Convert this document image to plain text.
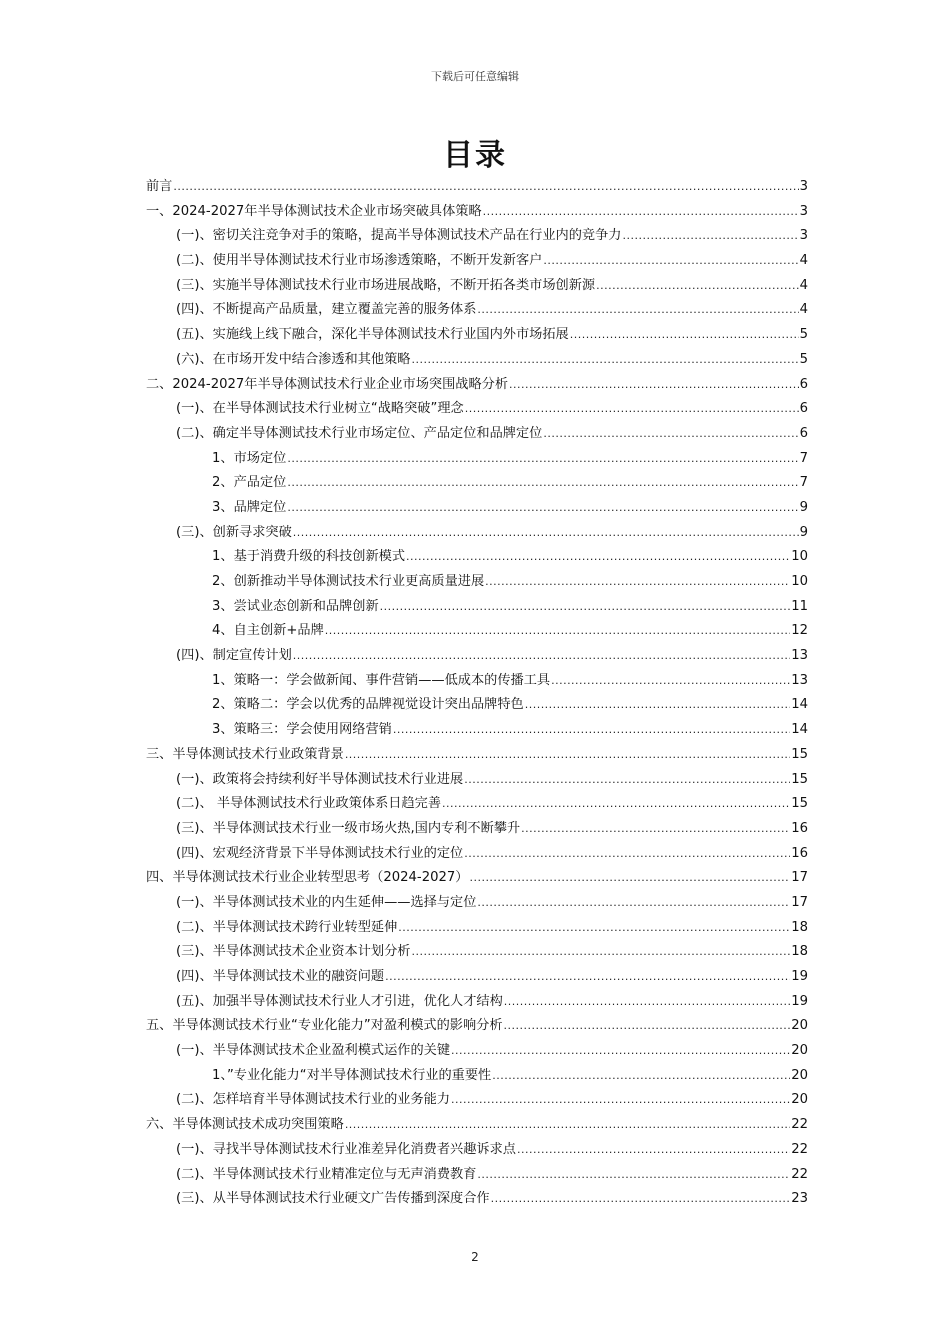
下载后可任意编辑
目录
前言 .....	3
一、2024-2027年半导体测试技术企业市场突破具体策略 .....	3
(一)、密切关注竞争对手的策略，提高半导体测试技术产品在行业内的竞争力 .....	3
(二)、使用半导体测试技术行业市场渗透策略，不断开发新客户 .....	4
(三)、实施半导体测试技术行业市场进展战略，不断开拓各类市场创新源 .....	4
(四)、不断提高产品质量，建立覆盖完善的服务体系 .....	4
(五)、实施线上线下融合，深化半导体测试技术行业国内外市场拓展 .....	5
(六)、在市场开发中结合渗透和其他策略 .....	5
二、2024-2027年半导体测试技术行业企业市场突围战略分析 .....	6
(一)、在半导体测试技术行业树立“战略突破”理念 .....	6
(二)、确定半导体测试技术行业市场定位、产品定位和品牌定位 .....	6
1、市场定位 .....	7
2、产品定位 .....	7
3、品牌定位 .....	9
(三)、创新寻求突破 .....	9
1、基于消费升级的科技创新模式 .....	10
2、创新推动半导体测试技术行业更高质量进展 .....	10
3、尝试业态创新和品牌创新 .....	11
4、自主创新+品牌 .....	12
(四)、制定宣传计划 .....	13
1、策略一：学会做新闻、事件营销——低成本的传播工具 .....	13
2、策略二：学会以优秀的品牌视觉设计突出品牌特色 .....	14
3、策略三：学会使用网络营销 .....	14
三、半导体测试技术行业政策背景 .....	15
(一)、政策将会持续利好半导体测试技术行业进展 .....	15
(二)、 半导体测试技术行业政策体系日趋完善 .....	15
(三)、半导体测试技术行业一级市场火热,国内专利不断攀升 .....	16
(四)、宏观经济背景下半导体测试技术行业的定位 .....	16
四、半导体测试技术行业企业转型思考（2024-2027） .....	17
(一)、半导体测试技术业的内生延伸——选择与定位 .....	17
(二)、半导体测试技术跨行业转型延伸 .....	18
(三)、半导体测试技术企业资本计划分析 .....	18
(四)、半导体测试技术业的融资问题 .....	19
(五)、加强半导体测试技术行业人才引进，优化人才结构 .....	19
五、半导体测试技术行业“专业化能力”对盈利模式的影响分析 .....	20
(一)、半导体测试技术企业盈利模式运作的关键 .....	20
1、”专业化能力“对半导体测试技术行业的重要性 .....	20
(二)、怎样培育半导体测试技术行业的业务能力 .....	20
六、半导体测试技术成功突围策略 .....	22
(一)、寻找半导体测试技术行业准差异化消费者兴趣诉求点 .....	22
(二)、半导体测试技术行业精准定位与无声消费教育 .....	22
(三)、从半导体测试技术行业硬文广告传播到深度合作 .....	23
2
